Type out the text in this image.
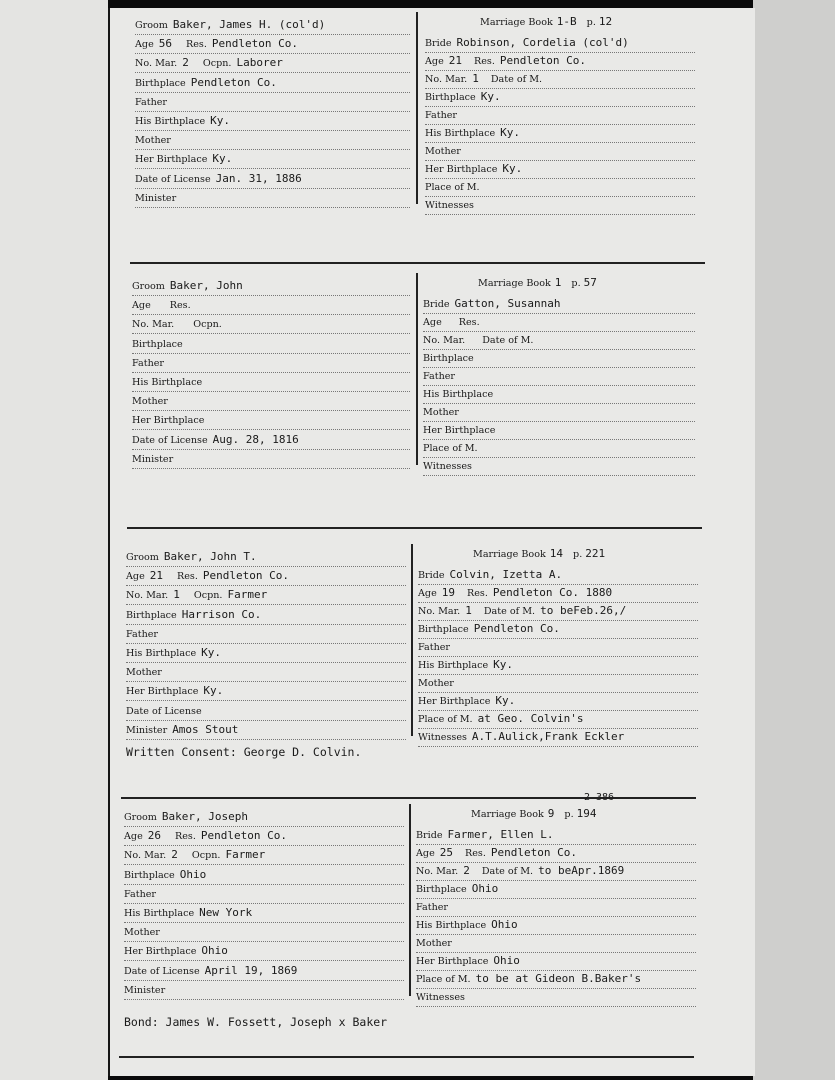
Groom Baker, James H. (col'd)
Age 56 Res. Pendleton Co.
No. Mar. 2 Ocpn. Laborer
Birthplace Pendleton Co.
Father
His Birthplace Ky.
Mother
Her Birthplace Ky.
Date of License Jan. 31, 1886
Minister
Marriage Book 1-B p. 12
Bride Robinson, Cordelia (col'd)
Age 21 Res. Pendleton Co.
No. Mar. 1 Date of M.
Birthplace Ky.
Father
His Birthplace Ky.
Mother
Her Birthplace Ky.
Place of M.
Witnesses
Groom Baker, John
Age Res.
No. Mar. Ocpn.
Birthplace
Father
His Birthplace
Mother
Her Birthplace
Date of License Aug. 28, 1816
Minister
Marriage Book 1 p. 57
Bride Gatton, Susannah
Age Res.
No. Mar. Date of M.
Birthplace
Father
His Birthplace
Mother
Her Birthplace
Place of M.
Witnesses
Groom Baker, John T.
Age 21 Res. Pendleton Co.
No. Mar. 1 Ocpn. Farmer
Birthplace Harrison Co.
Father
His Birthplace Ky.
Mother
Her Birthplace Ky.
Date of License
Minister Amos Stout
Marriage Book 14 p. 221
Bride Colvin, Izetta A.
Age 19 Res. Pendleton Co. 1880
No. Mar. 1 Date of M. to beFeb.26,/
Birthplace Pendleton Co.
Father
His Birthplace Ky.
Mother
Her Birthplace Ky.
Place of M. at Geo. Colvin's
Witnesses A.T.Aulick,Frank Eckler
Written Consent: George D. Colvin.
Groom Baker, Joseph
Age 26 Res. Pendleton Co.
No. Mar. 2 Ocpn. Farmer
Birthplace Ohio
Father
His Birthplace New York
Mother
Her Birthplace Ohio
Date of License April 19, 1869
Minister
Marriage Book 9 p. 194
2 386
Bride Farmer, Ellen L.
Age 25 Res. Pendleton Co.
No. Mar. 2 Date of M. to beApr.1869
Birthplace Ohio
Father
His Birthplace Ohio
Mother
Her Birthplace Ohio
Place of M. to be at Gideon B.Baker's
Witnesses
Bond: James W. Fossett, Joseph x Baker
